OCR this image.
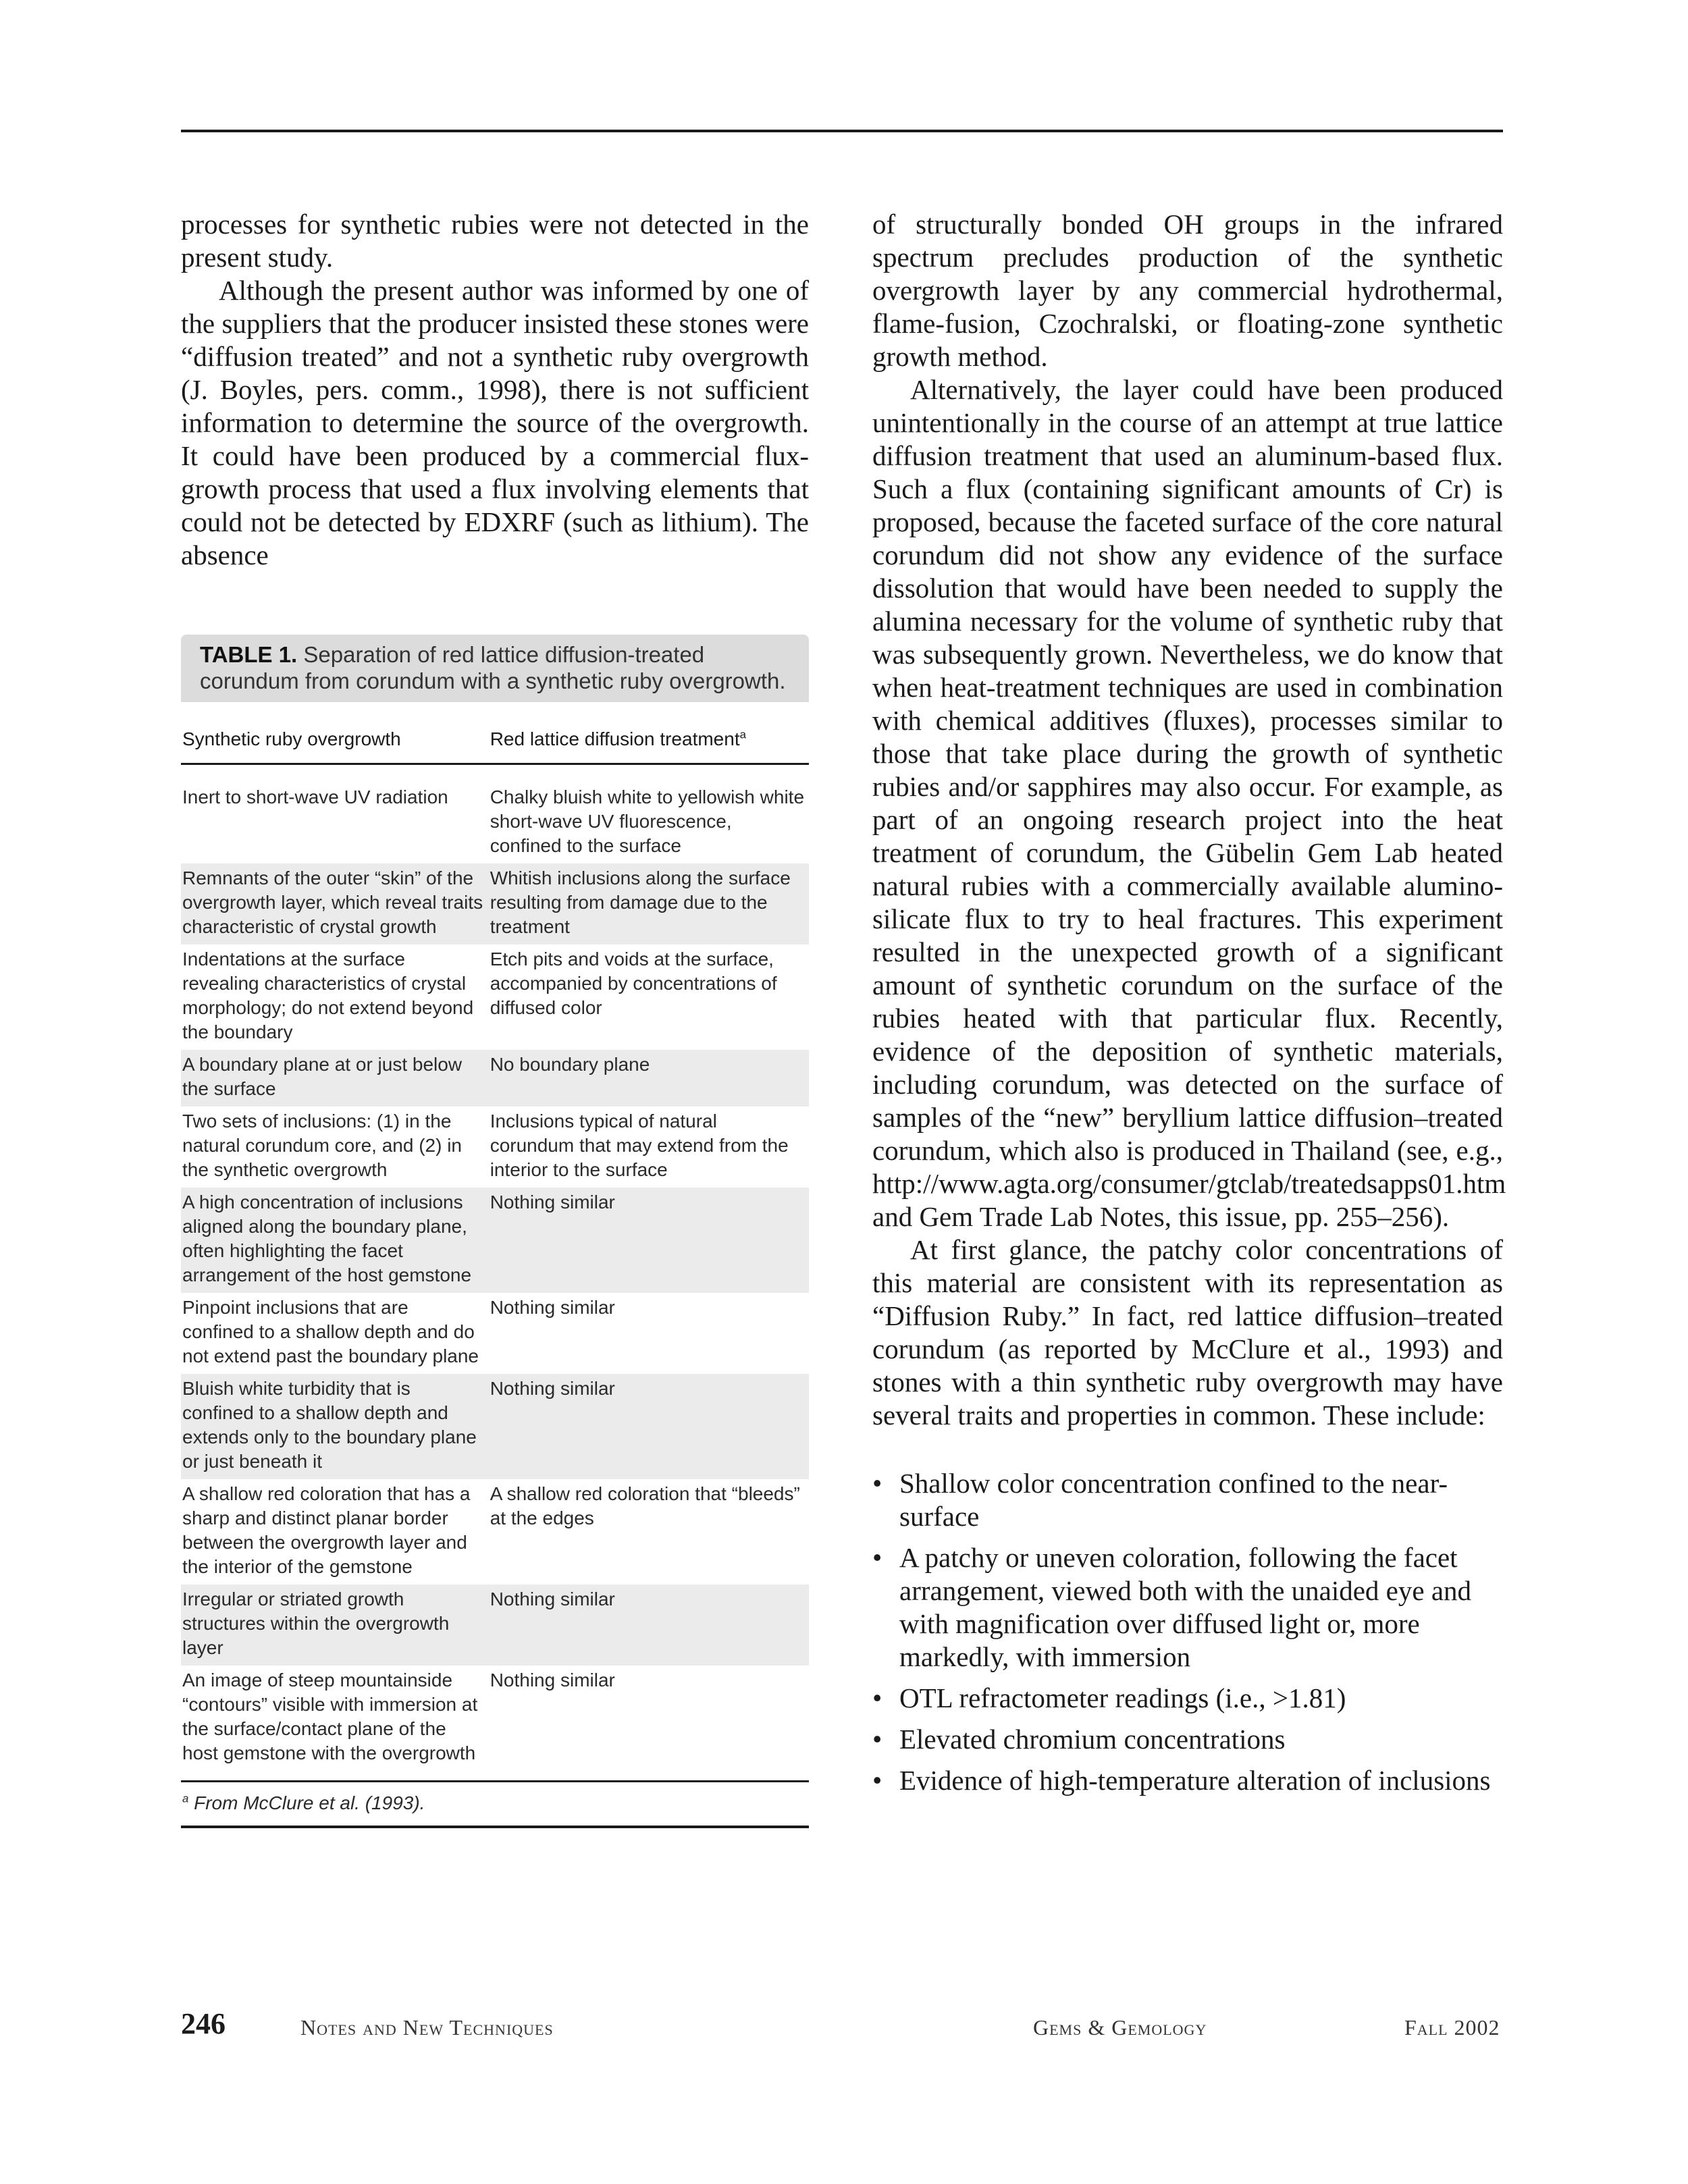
processes for synthetic rubies were not detected in the present study.

Although the present author was informed by one of the suppliers that the producer insisted these stones were “diffusion treated” and not a synthetic ruby overgrowth (J. Boyles, pers. comm., 1998), there is not sufficient information to determine the source of the overgrowth. It could have been produced by a commercial flux-growth process that used a flux involving elements that could not be detected by EDXRF (such as lithium). The absence

TABLE 1. Separation of red lattice diffusion-treated corundum from corundum with a synthetic ruby overgrowth.
Synthetic ruby overgrowth	Red lattice diffusion treatment$^a$
Inert to short-wave UV radiation	Chalky bluish white to yellowish white short-wave UV fluorescence, confined to the surface
Remnants of the outer “skin” of the overgrowth layer, which reveal traits characteristic of crystal growth	Whitish inclusions along the surface resulting from damage due to the treatment
Indentations at the surface revealing characteristics of crystal morphology; do not extend beyond the boundary	Etch pits and voids at the surface, accompanied by concentrations of diffused color
A boundary plane at or just below the surface	No boundary plane
Two sets of inclusions: (1) in the natural corundum core, and (2) in the synthetic overgrowth	Inclusions typical of natural corundum that may extend from the interior to the surface
A high concentration of inclusions aligned along the boundary plane, often highlighting the facet arrangement of the host gemstone	Nothing similar
Pinpoint inclusions that are confined to a shallow depth and do not extend past the boundary plane	Nothing similar
Bluish white turbidity that is confined to a shallow depth and extends only to the boundary plane or just beneath it	Nothing similar
A shallow red coloration that has a sharp and distinct planar border between the overgrowth layer and the interior of the gemstone	A shallow red coloration that “bleeds” at the edges
Irregular or striated growth structures within the overgrowth layer	Nothing similar
An image of steep mountainside “contours” visible with immersion at the surface/contact plane of the host gemstone with the overgrowth	Nothing similar
$^a$ From McClure et al. (1993).

of structurally bonded OH groups in the infrared spectrum precludes production of the synthetic overgrowth layer by any commercial hydrothermal, flame-fusion, Czochralski, or floating-zone synthetic growth method.

Alternatively, the layer could have been produced unintentionally in the course of an attempt at true lattice diffusion treatment that used an aluminum-based flux. Such a flux (containing significant amounts of Cr) is proposed, because the faceted surface of the core natural corundum did not show any evidence of the surface dissolution that would have been needed to supply the alumina necessary for the volume of synthetic ruby that was subsequently grown. Nevertheless, we do know that when heat-treatment techniques are used in combination with chemical additives (fluxes), processes similar to those that take place during the growth of synthetic rubies and/or sapphires may also occur. For example, as part of an ongoing research project into the heat treatment of corundum, the Gübelin Gem Lab heated natural rubies with a commercially available alumino-silicate flux to try to heal fractures. This experiment resulted in the unexpected growth of a significant amount of synthetic corundum on the surface of the rubies heated with that particular flux. Recently, evidence of the deposition of synthetic materials, including corundum, was detected on the surface of samples of the “new” beryllium lattice diffusion–treated corundum, which also is produced in Thailand (see, e.g., http://www.agta.org/consumer/gtclab/treatedsapps01.htm and Gem Trade Lab Notes, this issue, pp. 255–256).

At first glance, the patchy color concentrations of this material are consistent with its representation as “Diffusion Ruby.” In fact, red lattice diffusion–treated corundum (as reported by McClure et al., 1993) and stones with a thin synthetic ruby overgrowth may have several traits and properties in common. These include:

• Shallow color concentration confined to the near-surface
• A patchy or uneven coloration, following the facet arrangement, viewed both with the unaided eye and with magnification over diffused light or, more markedly, with immersion
• OTL refractometer readings (i.e., >1.81)
• Elevated chromium concentrations
• Evidence of high-temperature alteration of inclusions
246	Notes and New Techniques	Gems & Gemology	Fall 2002
